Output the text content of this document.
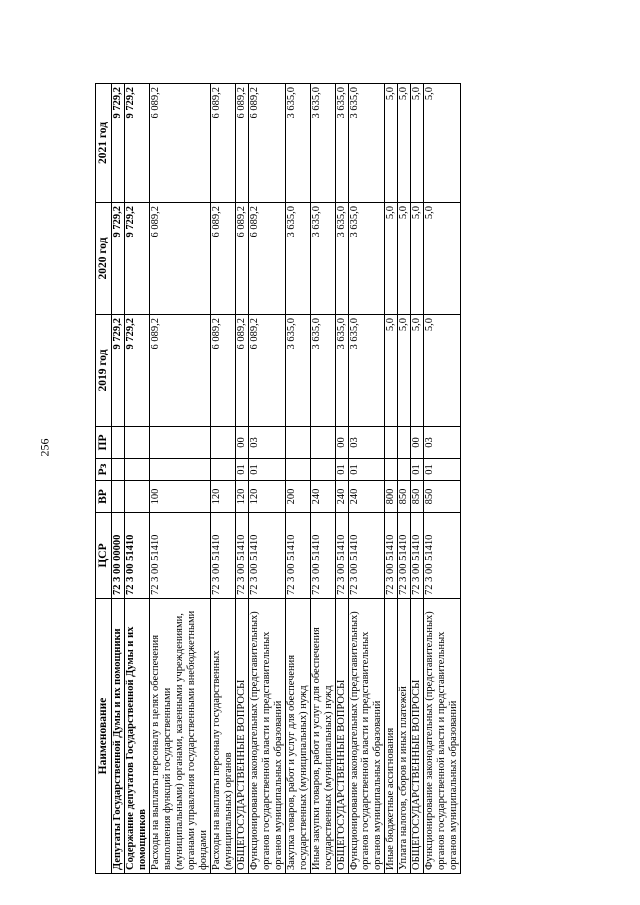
256
Наименование	ЦСР	ВР	Рз	ПР	2019 год	2020 год	2021 год
Депутаты Государственной Думы и их помощники	72 3 00 00000				9 729,2	9 729,2	9 729,2
Содержание депутатов Государственной Думы и их помощников	72 3 00 51410				9 729,2	9 729,2	9 729,2
Расходы на выплаты персоналу в целях обеспечения выполнения функций государственными (муниципальными) органами, казенными учреждениями, органами управления государственными внебюджетными фондами	72 3 00 51410	100			6 089,2	6 089,2	6 089,2
Расходы на выплаты персоналу государственных (муниципальных) органов	72 3 00 51410	120			6 089,2	6 089,2	6 089,2
ОБЩЕГОСУДАРСТВЕННЫЕ ВОПРОСЫ	72 3 00 51410	120	01	00	6 089,2	6 089,2	6 089,2
Функционирование законодательных (представительных) органов государственной власти и представительных органов муниципальных образований	72 3 00 51410	120	01	03	6 089,2	6 089,2	6 089,2
Закупка товаров, работ и услуг для обеспечения государственных (муниципальных) нужд	72 3 00 51410	200			3 635,0	3 635,0	3 635,0
Иные закупки товаров, работ и услуг для обеспечения государственных (муниципальных) нужд	72 3 00 51410	240			3 635,0	3 635,0	3 635,0
ОБЩЕГОСУДАРСТВЕННЫЕ ВОПРОСЫ	72 3 00 51410	240	01	00	3 635,0	3 635,0	3 635,0
Функционирование законодательных (представительных) органов государственной власти и представительных органов муниципальных образований	72 3 00 51410	240	01	03	3 635,0	3 635,0	3 635,0
Иные бюджетные ассигнования	72 3 00 51410	800			5,0	5,0	5,0
Уплата налогов, сборов и иных платежей	72 3 00 51410	850			5,0	5,0	5,0
ОБЩЕГОСУДАРСТВЕННЫЕ ВОПРОСЫ	72 3 00 51410	850	01	00	5,0	5,0	5,0
Функционирование законодательных (представительных) органов государственной власти и представительных органов муниципальных образований	72 3 00 51410	850	01	03	5,0	5,0	5,0
